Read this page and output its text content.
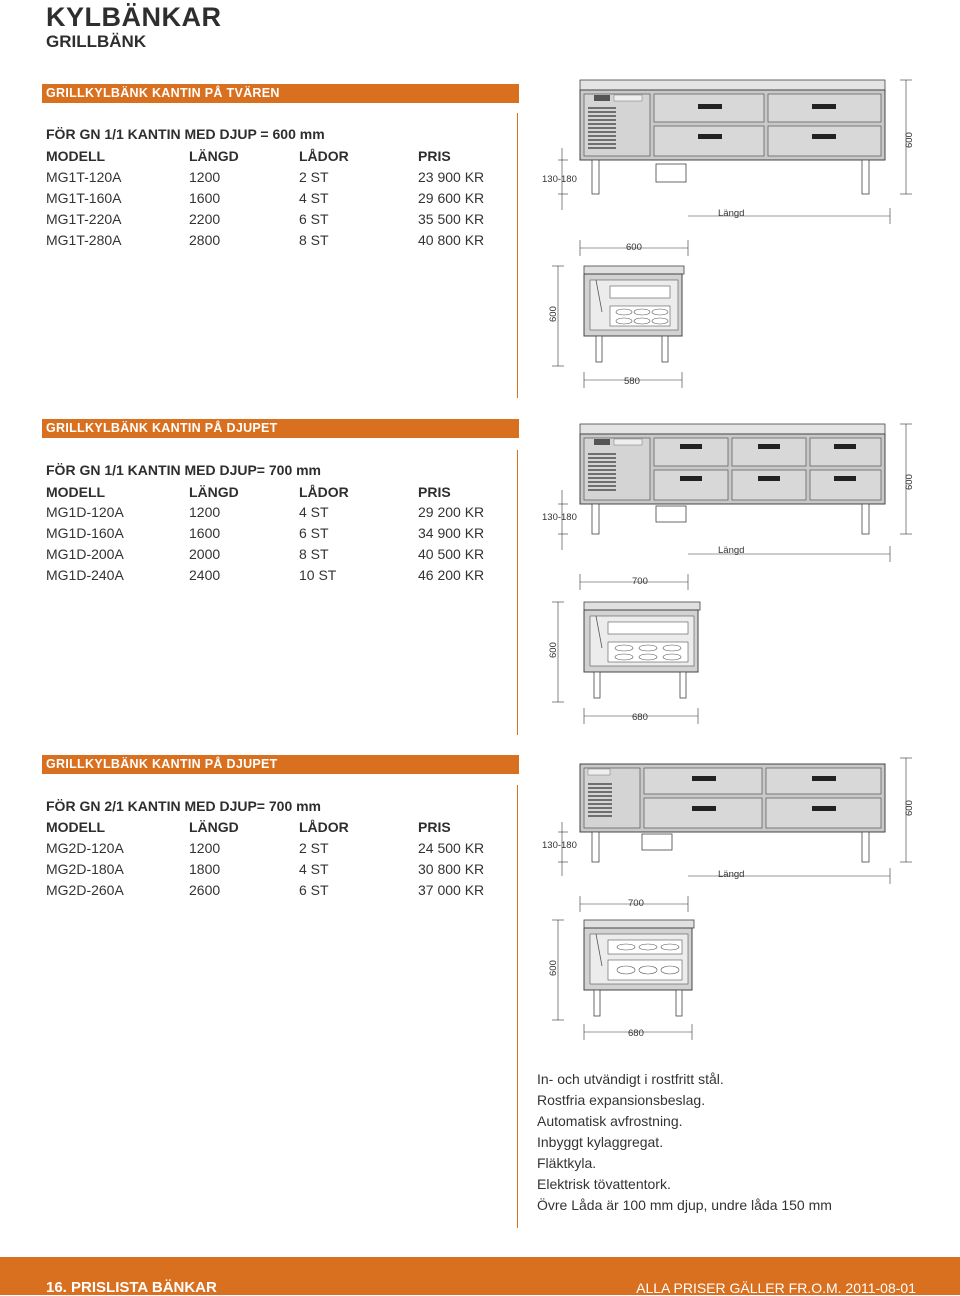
KYLBÄNKAR
GRILLBÄNK
GRILLKYLBÄNK KANTIN PÅ TVÄREN
FÖR GN 1/1 KANTIN MED DJUP = 600 mm
MODELL	LÄNGD	LÅDOR	PRIS
MG1T-120A	1200	2 ST	23 900 KR
MG1T-160A	1600	4 ST	29 600 KR
MG1T-220A	2200	6 ST	35 500 KR
MG1T-280A	2800	8 ST	40 800 KR
130-180
600
600
Längd
600
580
GRILLKYLBÄNK KANTIN PÅ DJUPET
FÖR GN 1/1 KANTIN MED DJUP= 700 mm
MODELL	LÄNGD	LÅDOR	PRIS
MG1D-120A	1200	4 ST	29 200 KR
MG1D-160A	1600	6 ST	34 900 KR
MG1D-200A	2000	8 ST	40 500 KR
MG1D-240A	2400	10 ST	46 200 KR
130-180
600
700
Längd
600
680
GRILLKYLBÄNK KANTIN PÅ DJUPET
FÖR GN 2/1 KANTIN MED DJUP= 700 mm
MODELL	LÄNGD	LÅDOR	PRIS
MG2D-120A	1200	2 ST	24 500 KR
MG2D-180A	1800	4 ST	30 800 KR
MG2D-260A	2600	6 ST	37 000 KR
130-180
600
700
Längd
600
680
In- och utvändigt i rostfritt stål.
Rostfria expansionsbeslag.
Automatisk avfrostning.
Inbyggt kylaggregat.
Fläktkyla.
Elektrisk tövattentork.
Övre Låda är 100 mm djup, undre låda 150 mm
16. PRISLISTA BÄNKAR	ALLA PRISER GÄLLER FR.O.M. 2011-08-01
